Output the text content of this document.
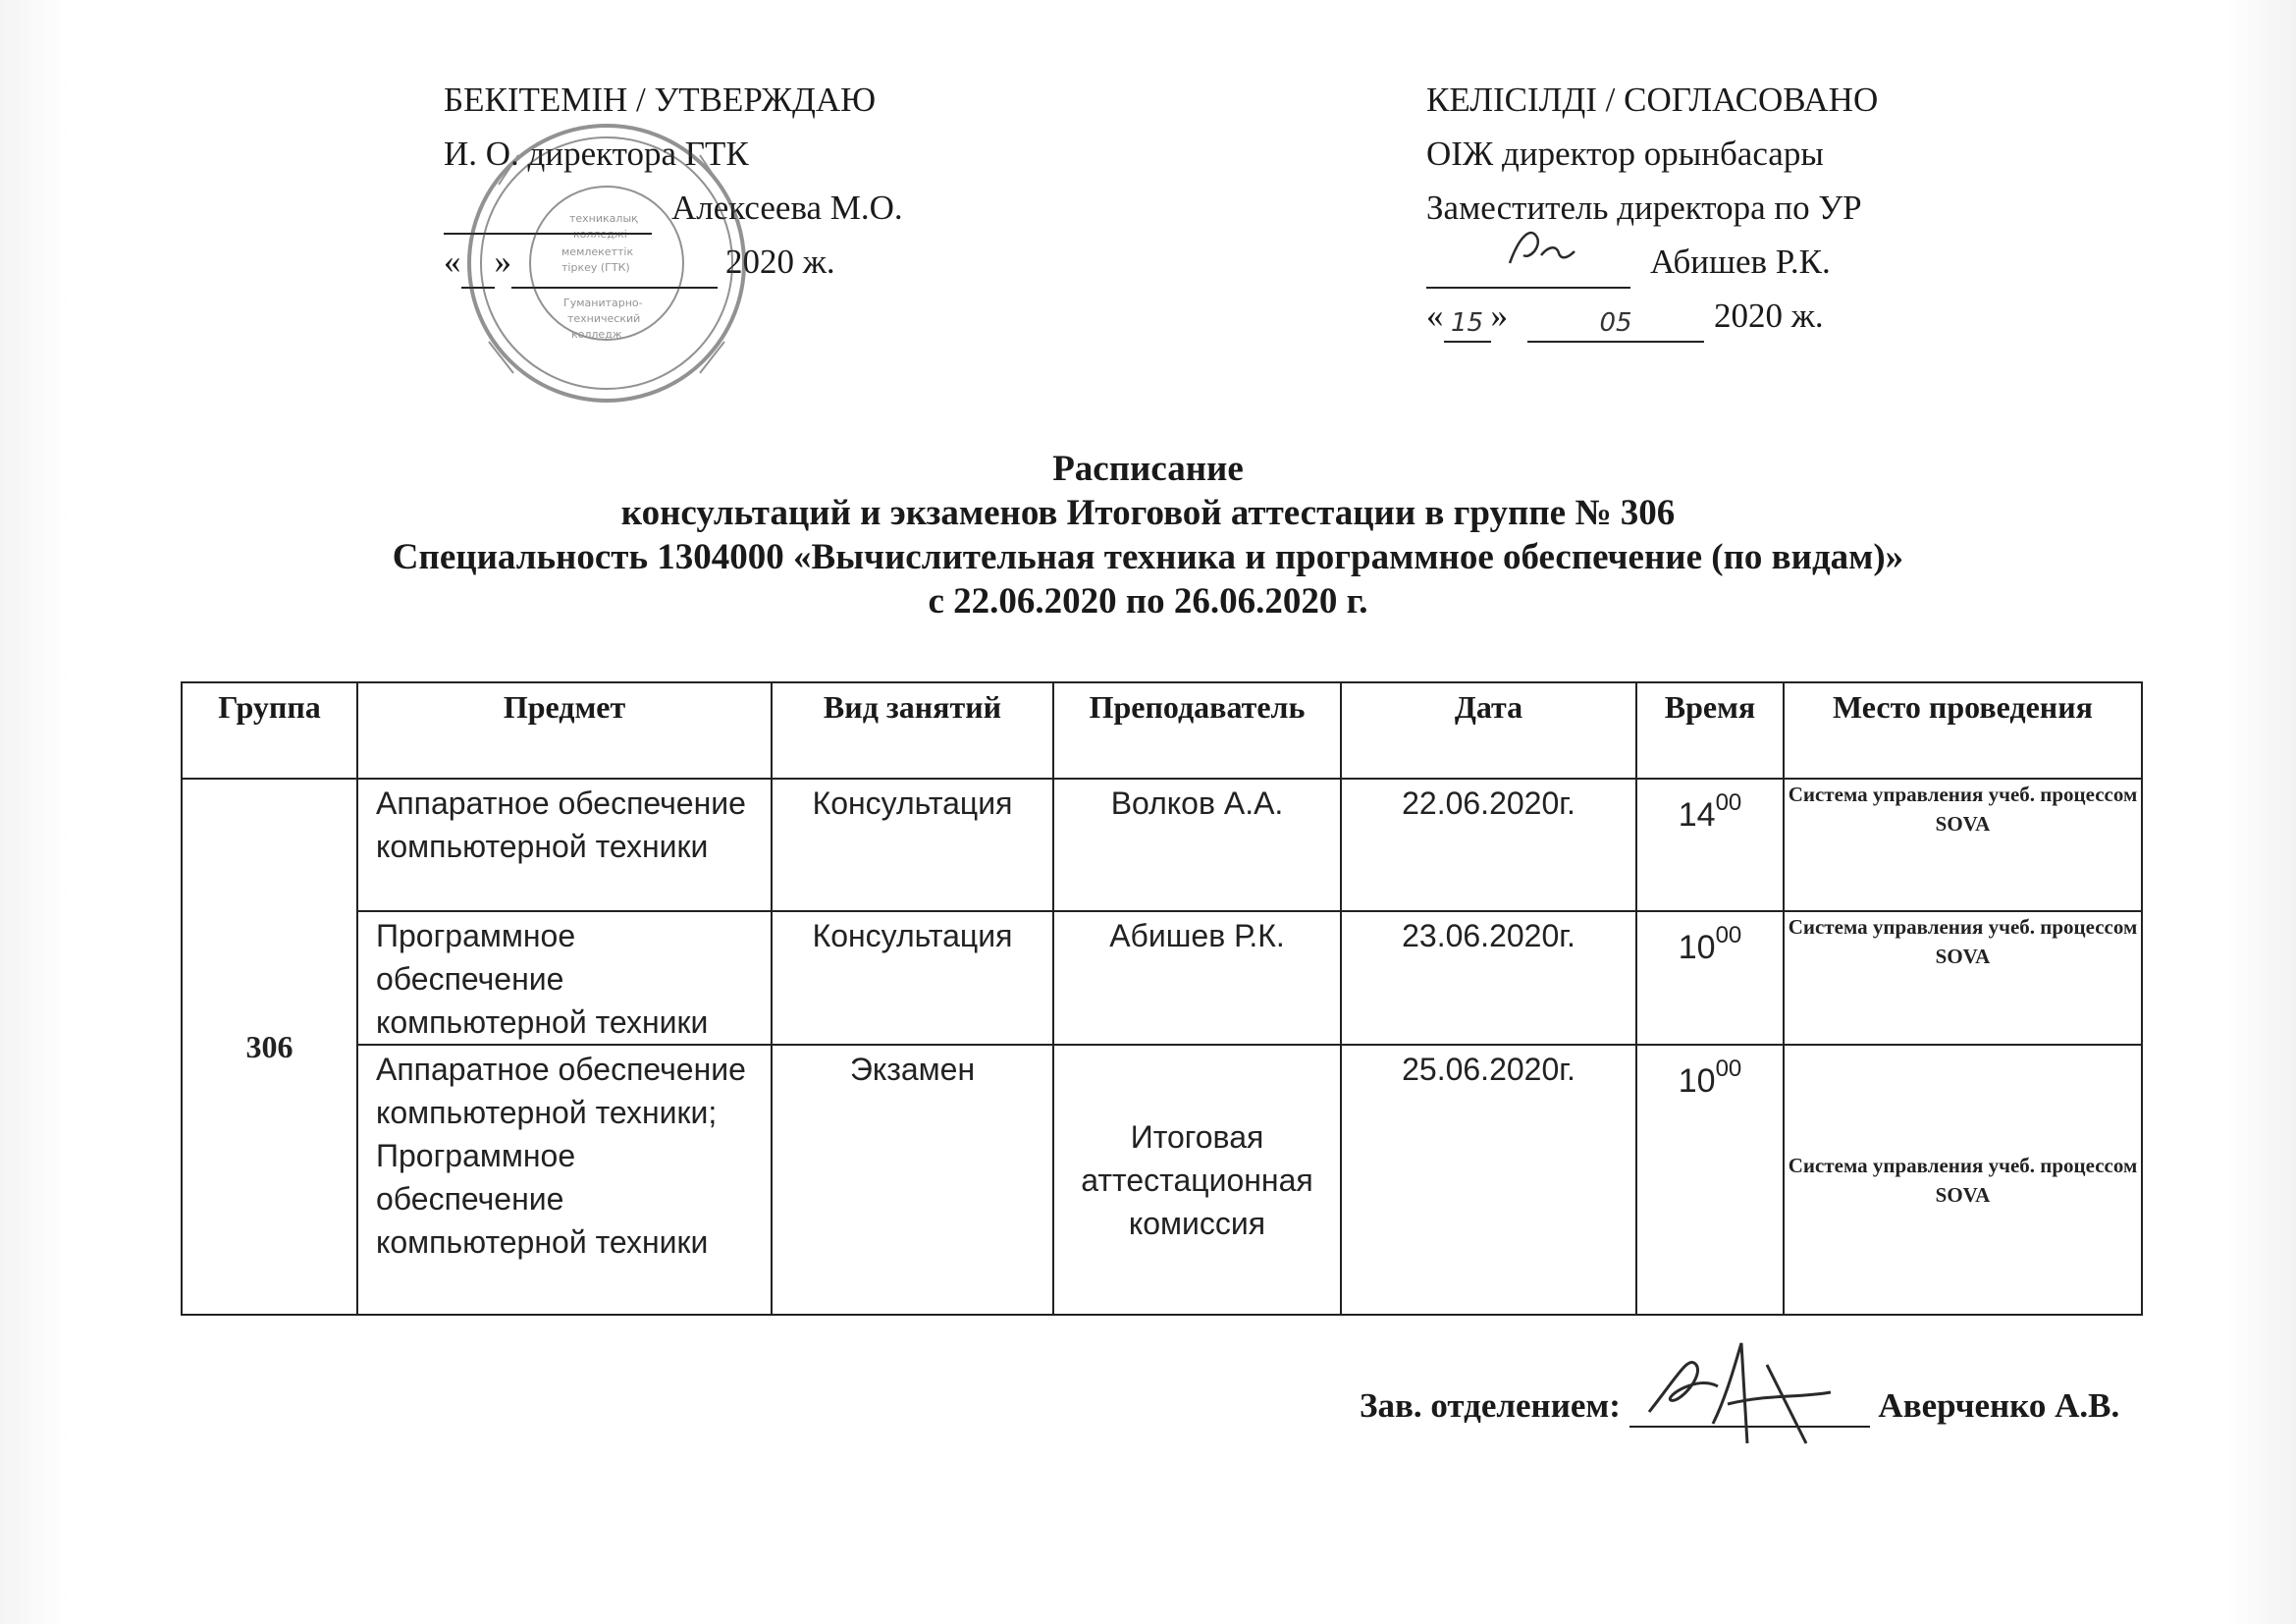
БЕКІТЕМІН / УТВЕРЖДАЮ
И. О. директора ГТК
Алексеева М.О.
« »	2020 ж.
техникалық
колледжі
мемлекеттік
тіркеу (ГТК)
Гуманитарно-
технический
колледж
КЕЛІСІЛДІ / СОГЛАСОВАНО
ОІЖ директор орынбасары
Заместитель директора по УР
Абишев Р.К.
« 15 »	05 2020 ж.
Расписание
консультаций и экзаменов Итоговой аттестации в группе № 306
Специальность 1304000 «Вычислительная техника и программное обеспечение (по видам)»
с 22.06.2020 по 26.06.2020 г.
Группа	Предмет	Вид занятий	Преподаватель	Дата	Время	Место проведения
306	Аппаратное обеспечение компьютерной техники	Консультация	Волков А.А.	22.06.2020г.	$14^{00}$	Система управления учеб. процессом SOVA
	Программное обеспечение компьютерной техники	Консультация	Абишев Р.К.	23.06.2020г.	$10^{00}$	Система управления учеб. процессом SOVA
	Аппаратное обеспечение компьютерной техники; Программное обеспечение компьютерной техники	Экзамен	Итоговая аттестационная комиссия	25.06.2020г.	$10^{00}$	Система управления учеб. процессом SOVA
Зав. отделением:	Аверченко А.В.
